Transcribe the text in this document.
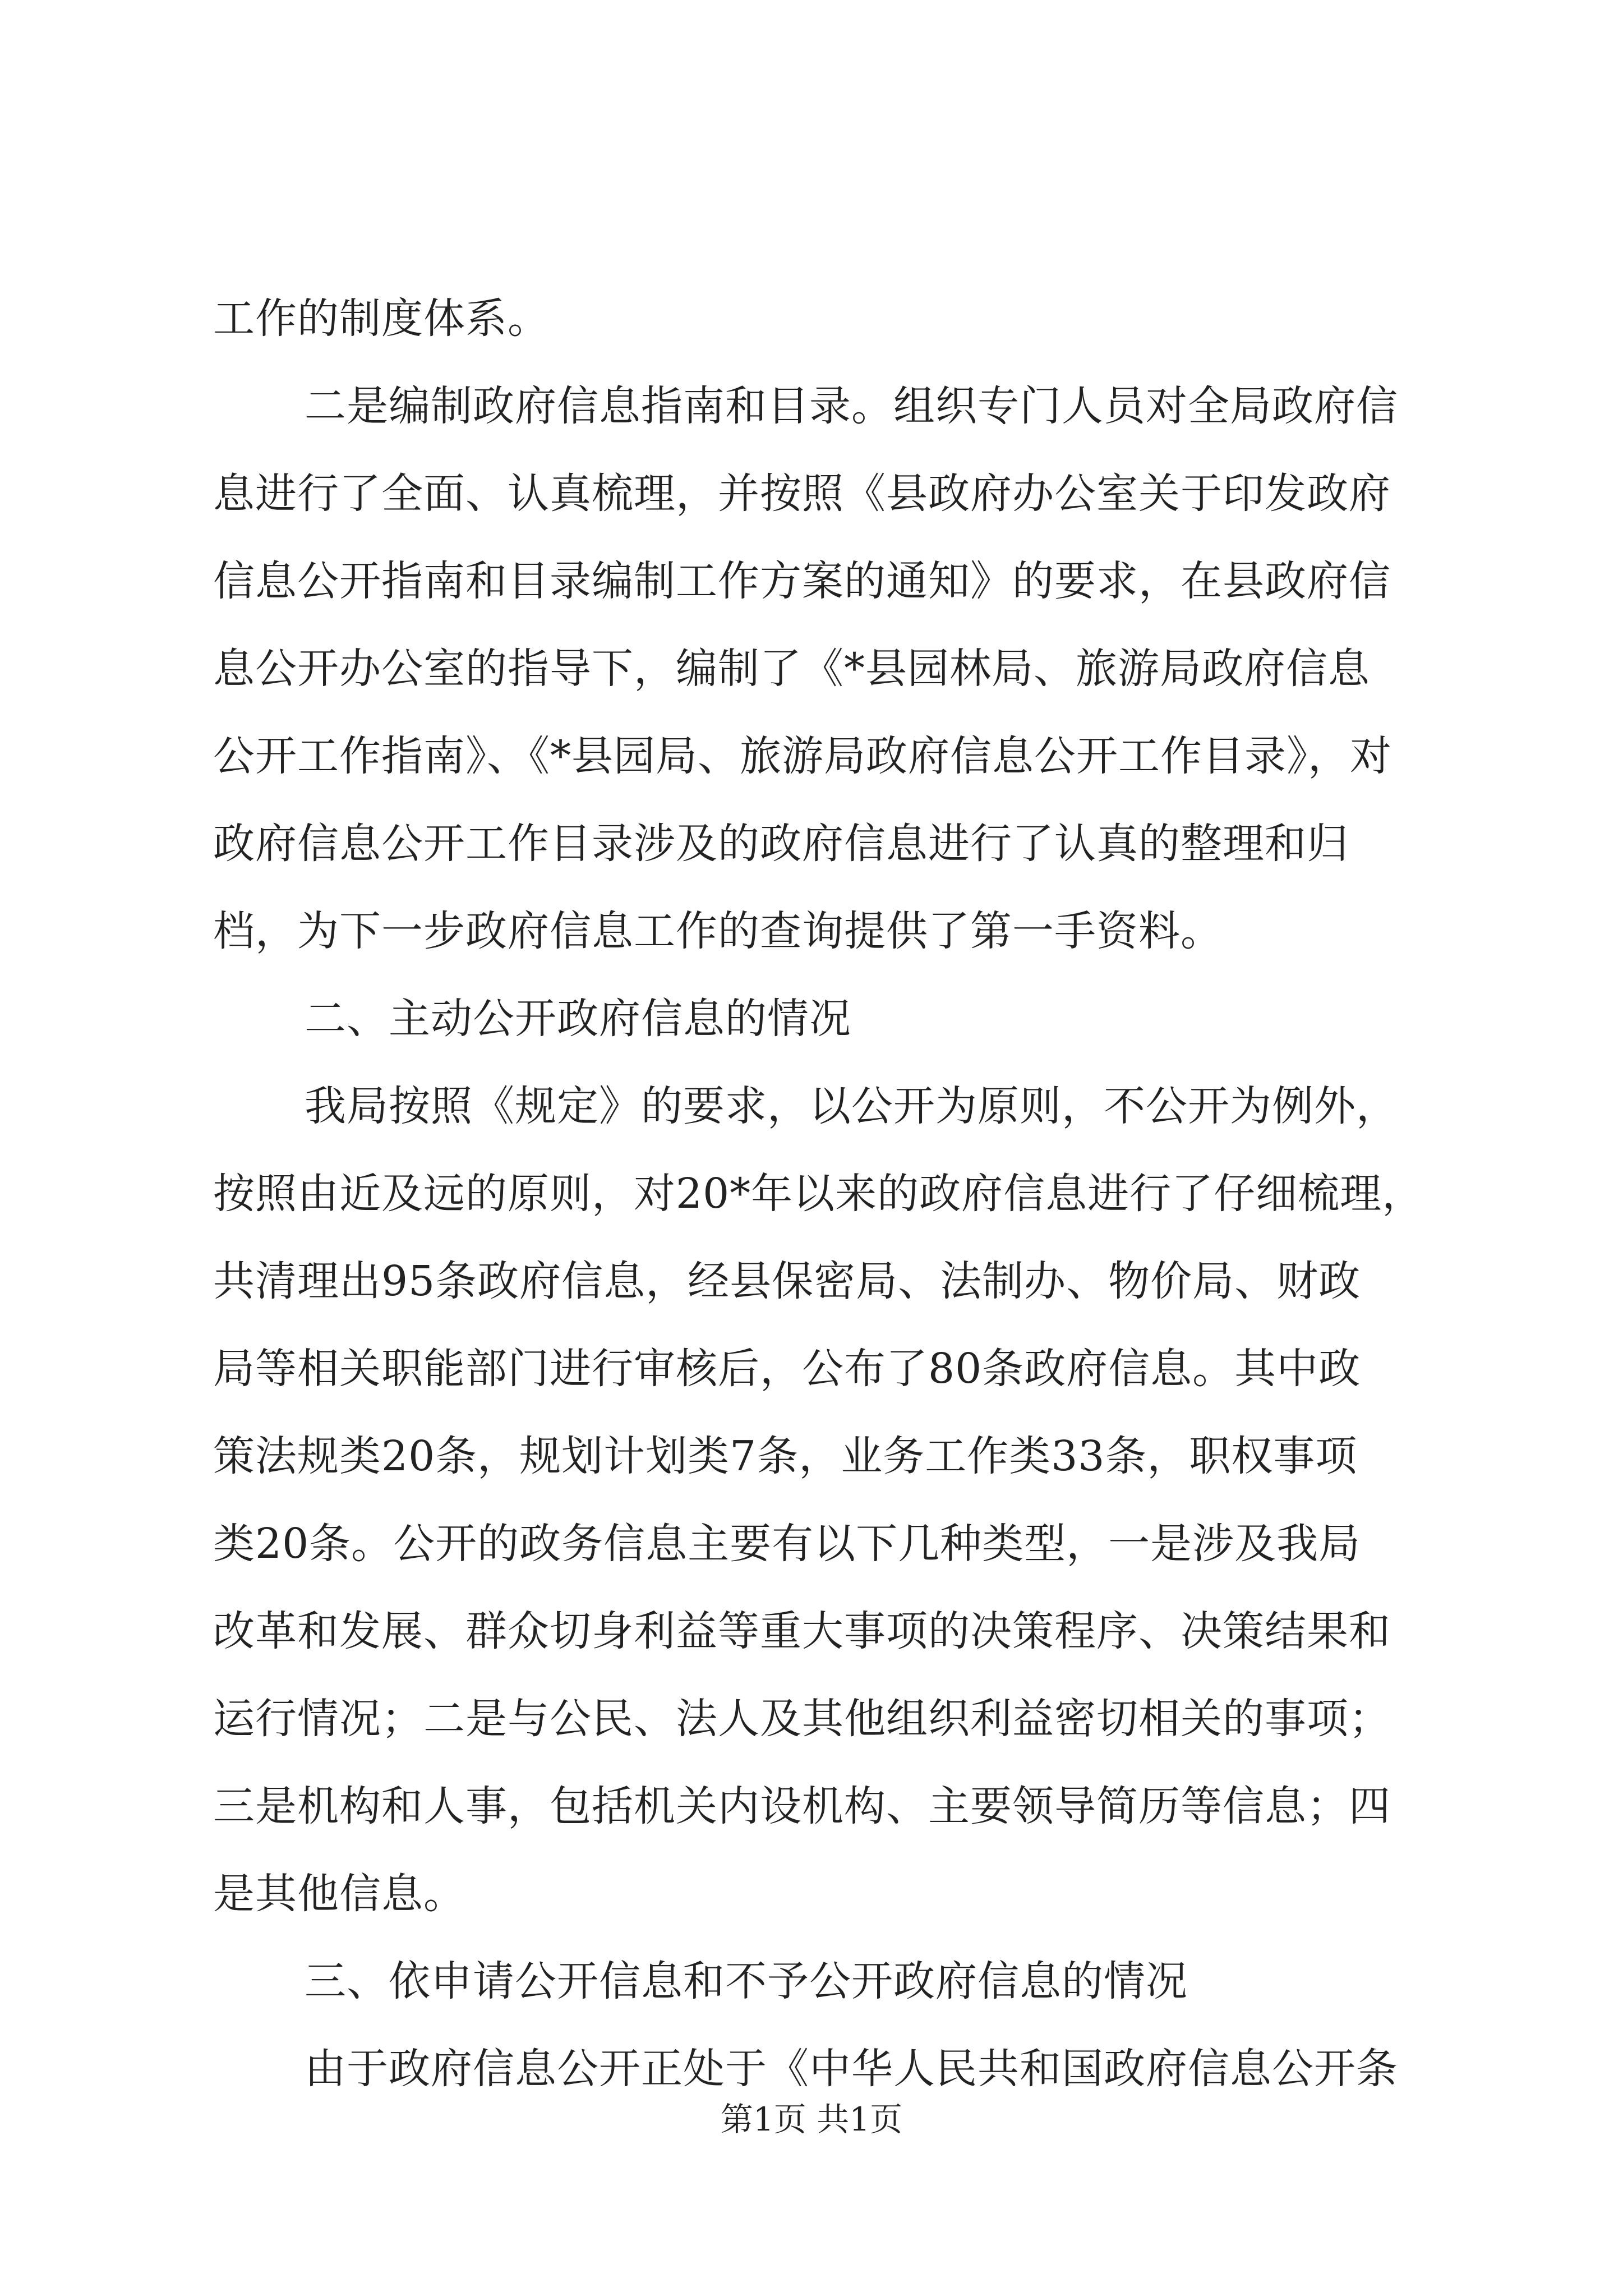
工作的制度体系。
二是编制政府信息指南和目录。组织专门人员对全局政府信
息进行了全面、认真梳理，并按照《县政府办公室关于印发政府
信息公开指南和目录编制工作方案的通知》的要求，在县政府信
息公开办公室的指导下，编制了《*县园林局、旅游局政府信息
公开工作指南》、《*县园局、旅游局政府信息公开工作目录》，对
政府信息公开工作目录涉及的政府信息进行了认真的整理和归
档，为下一步政府信息工作的查询提供了第一手资料。
二、主动公开政府信息的情况
我局按照《规定》的要求，以公开为原则，不公开为例外，
按照由近及远的原则，对20*年以来的政府信息进行了仔细梳理，
共清理出95条政府信息，经县保密局、法制办、物价局、财政
局等相关职能部门进行审核后，公布了80条政府信息。其中政
策法规类20条，规划计划类7条，业务工作类33条，职权事项
类20条。公开的政务信息主要有以下几种类型，一是涉及我局
改革和发展、群众切身利益等重大事项的决策程序、决策结果和
运行情况；二是与公民、法人及其他组织利益密切相关的事项；
三是机构和人事，包括机关内设机构、主要领导简历等信息；四
是其他信息。
三、依申请公开信息和不予公开政府信息的情况
由于政府信息公开正处于《中华人民共和国政府信息公开条
第1页 共1页
